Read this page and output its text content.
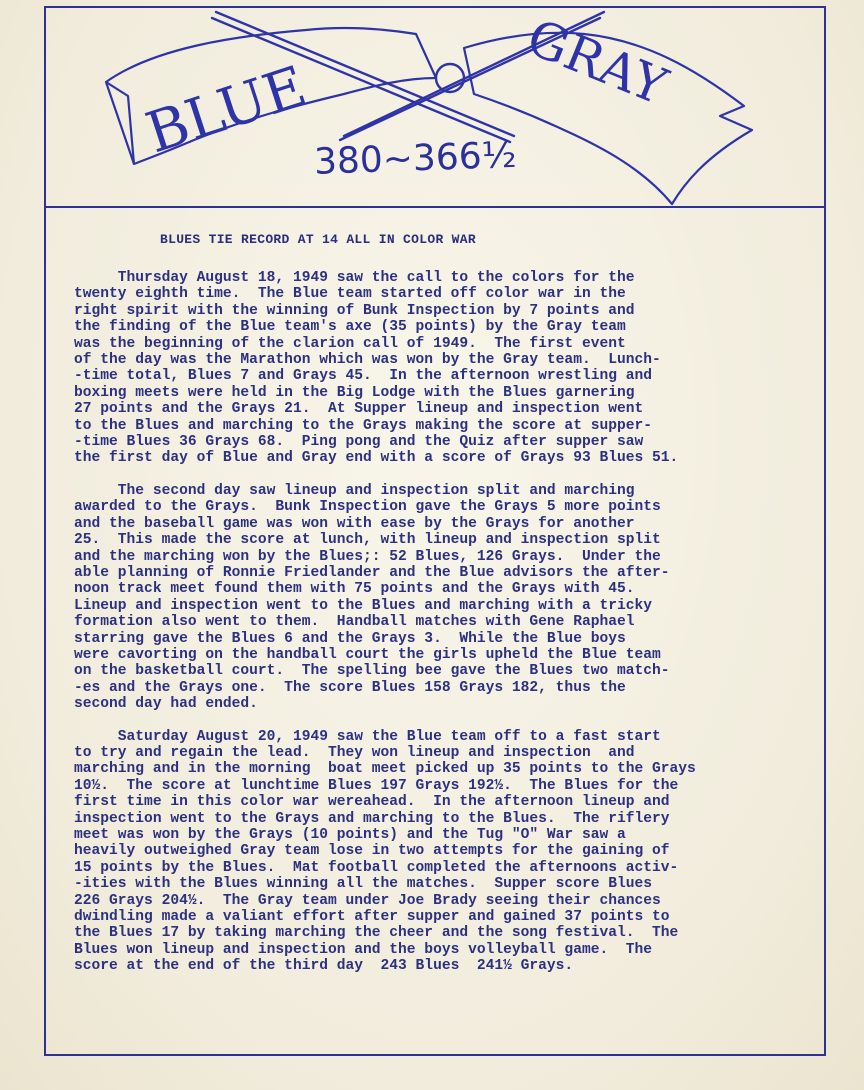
BLUE	GRAY
380~366½
BLUES TIE RECORD AT 14 ALL IN COLOR WAR
Thursday August 18, 1949 saw the call to the colors for the
twenty eighth time.  The Blue team started off color war in the
right spirit with the winning of Bunk Inspection by 7 points and
the finding of the Blue team's axe (35 points) by the Gray team
was the beginning of the clarion call of 1949.  The first event
of the day was the Marathon which was won by the Gray team.  Lunch-
-time total, Blues 7 and Grays 45.  In the afternoon wrestling and
boxing meets were held in the Big Lodge with the Blues garnering
27 points and the Grays 21.  At Supper lineup and inspection went
to the Blues and marching to the Grays making the score at supper-
-time Blues 36 Grays 68.  Ping pong and the Quiz after supper saw
the first day of Blue and Gray end with a score of Grays 93 Blues 51.
The second day saw lineup and inspection split and marching
awarded to the Grays.  Bunk Inspection gave the Grays 5 more points
and the baseball game was won with ease by the Grays for another
25.  This made the score at lunch, with lineup and inspection split
and the marching won by the Blues;: 52 Blues, 126 Grays.  Under the
able planning of Ronnie Friedlander and the Blue advisors the after-
noon track meet found them with 75 points and the Grays with 45.
Lineup and inspection went to the Blues and marching with a tricky
formation also went to them.  Handball matches with Gene Raphael
starring gave the Blues 6 and the Grays 3.  While the Blue boys
were cavorting on the handball court the girls upheld the Blue team
on the basketball court.  The spelling bee gave the Blues two match-
-es and the Grays one.  The score Blues 158 Grays 182, thus the
second day had ended.
Saturday August 20, 1949 saw the Blue team off to a fast start
to try and regain the lead.  They won lineup and inspection  and
marching and in the morning  boat meet picked up 35 points to the Grays
10½.  The score at lunchtime Blues 197 Grays 192½.  The Blues for the
first time in this color war wereahead.  In the afternoon lineup and
inspection went to the Grays and marching to the Blues.  The riflery
meet was won by the Grays (10 points) and the Tug "O" War saw a
heavily outweighed Gray team lose in two attempts for the gaining of
15 points by the Blues.  Mat football completed the afternoons activ-
-ities with the Blues winning all the matches.  Supper score Blues
226 Grays 204½.  The Gray team under Joe Brady seeing their chances
dwindling made a valiant effort after supper and gained 37 points to
the Blues 17 by taking marching the cheer and the song festival.  The
Blues won lineup and inspection and the boys volleyball game.  The
score at the end of the third day  243 Blues  241½ Grays.
